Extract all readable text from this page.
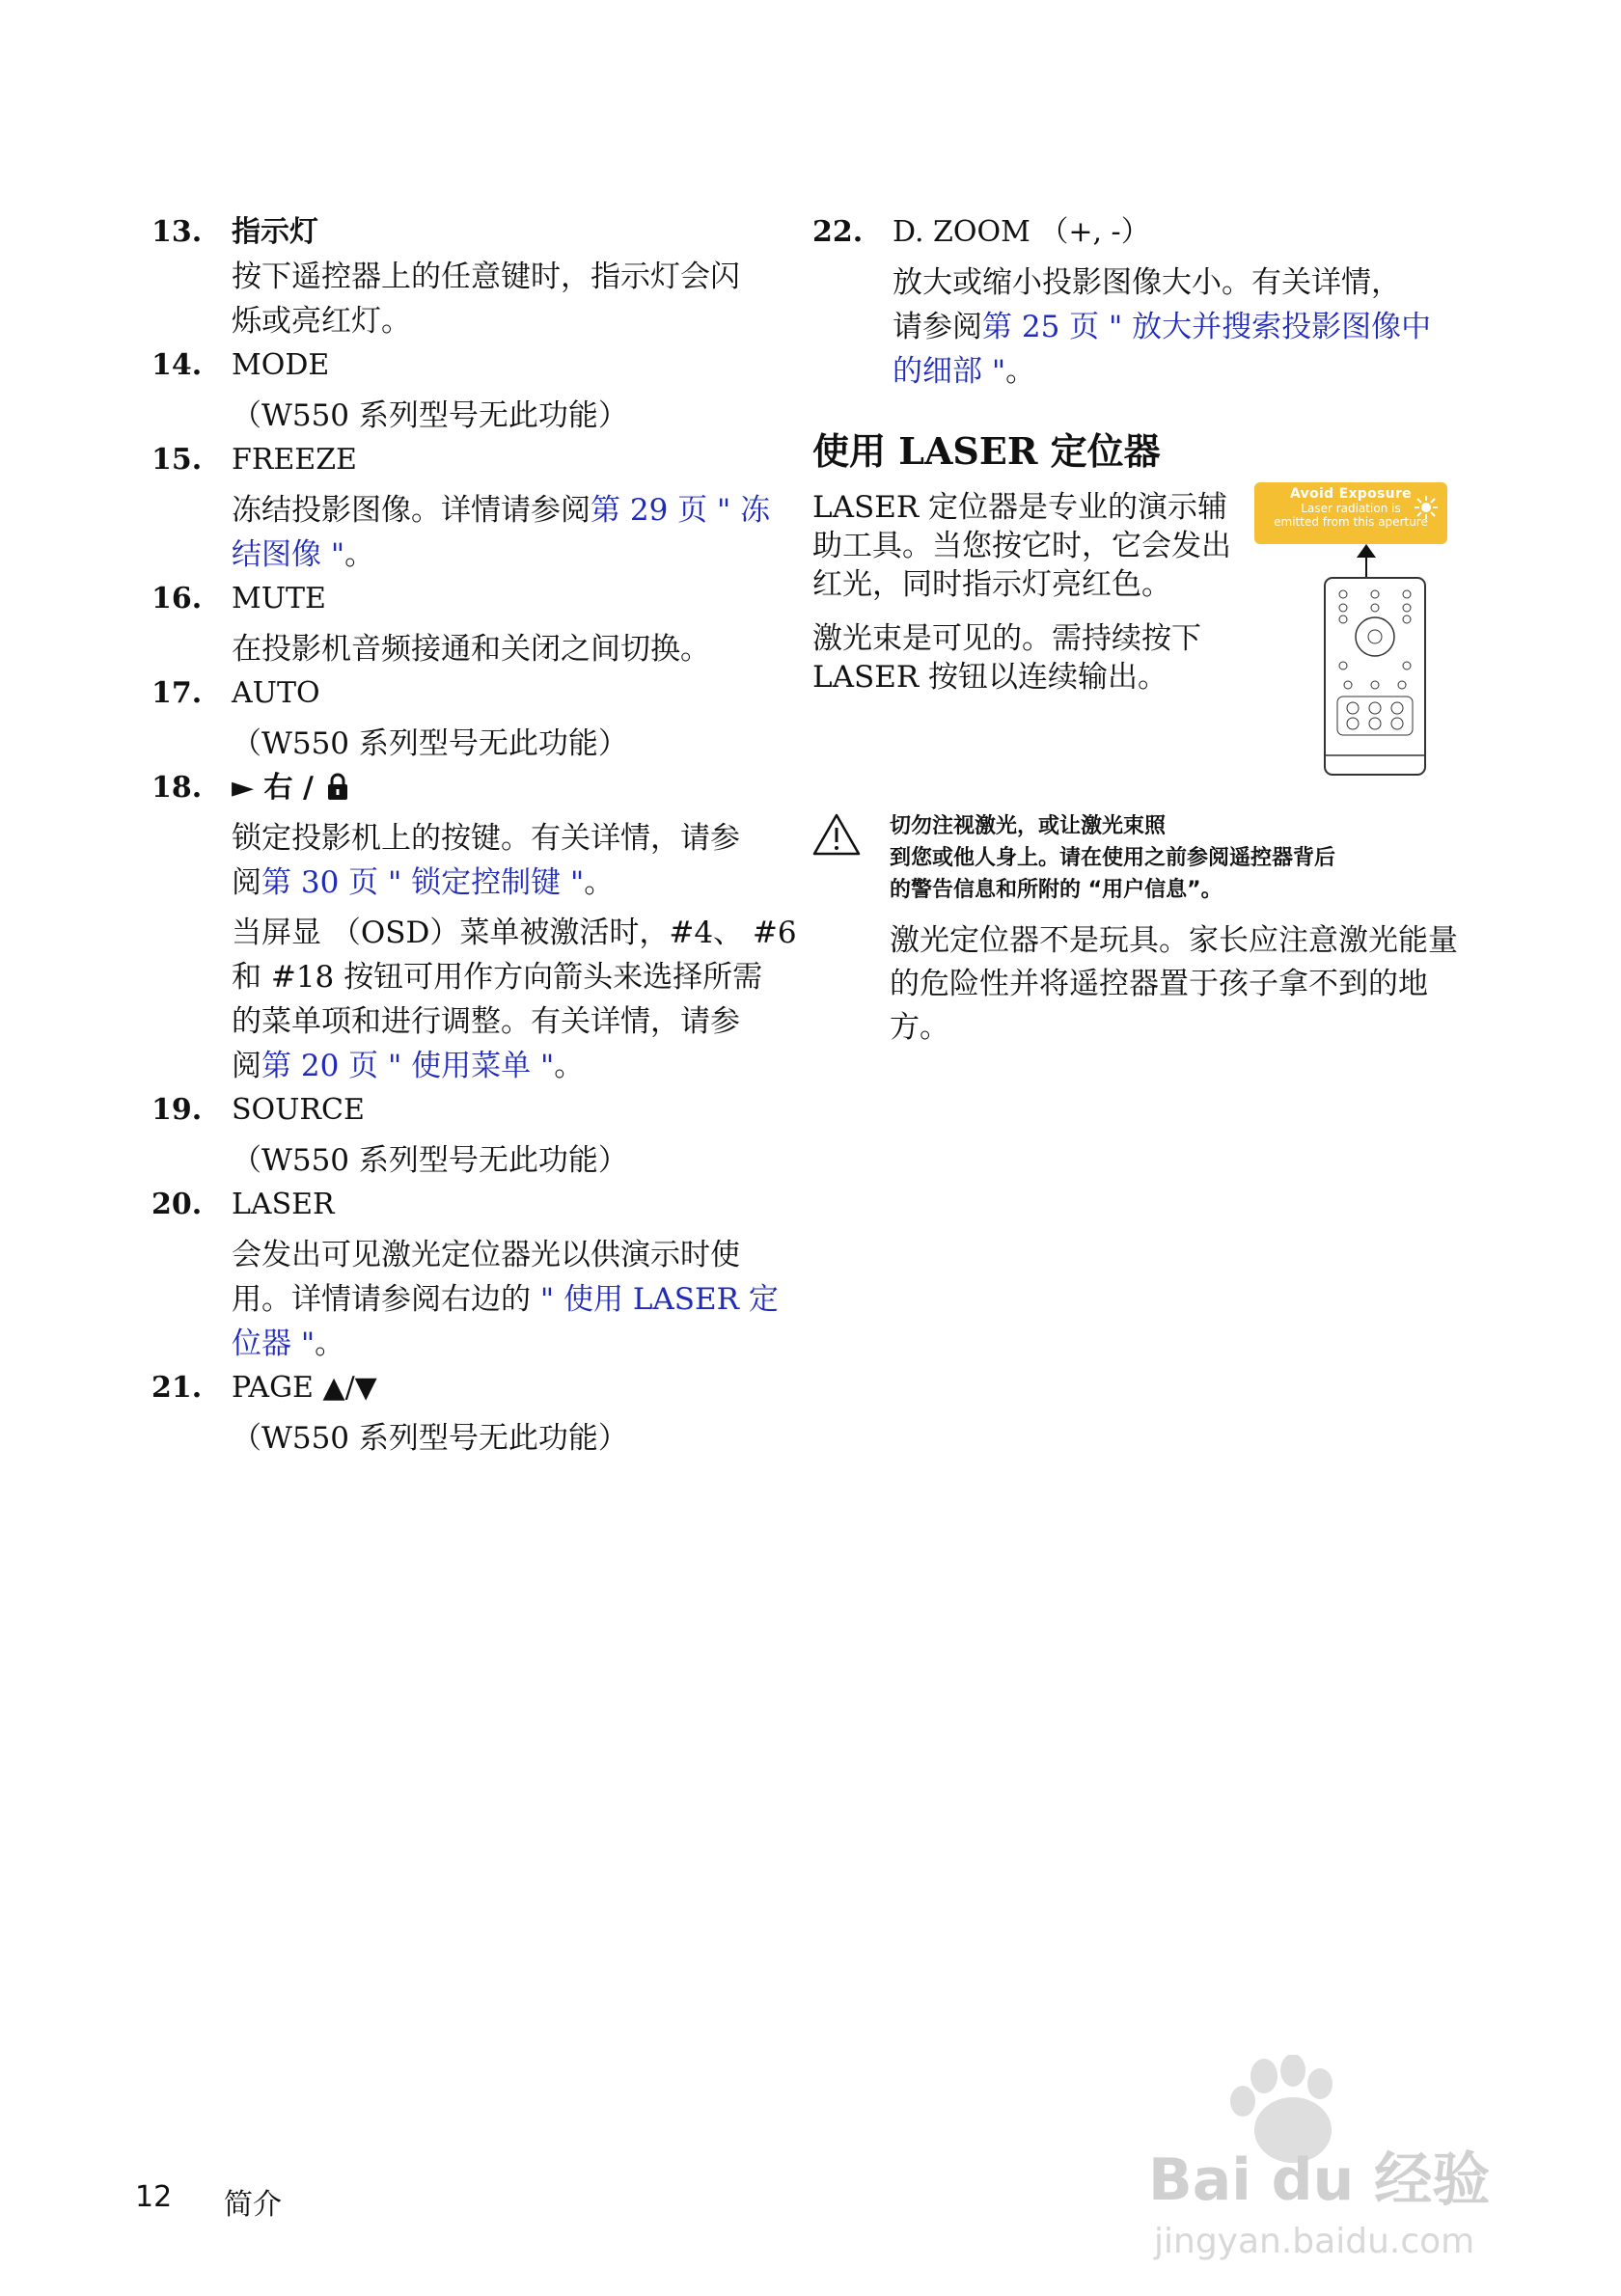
13. 指示灯
按下遥控器上的任意键时，指示灯会闪
烁或亮红灯。
14. MODE
（W550 系列型号无此功能）
15. FREEZE
冻结投影图像。详情请参阅第 29 页 " 冻
结图像 "。
16. MUTE
在投影机音频接通和关闭之间切换。
17. AUTO
（W550 系列型号无此功能）
18. ► 右 /
锁定投影机上的按键。有关详情，请参
阅第 30 页 " 锁定控制键 "。
当屏显 （OSD）菜单被激活时，#4、 #6
和 #18 按钮可用作方向箭头来选择所需
的菜单项和进行调整。有关详情，请参
阅第 20 页 " 使用菜单 "。
19. SOURCE
（W550 系列型号无此功能）
20. LASER
会发出可见激光定位器光以供演示时使
用。详情请参阅右边的 " 使用 LASER 定
位器 "。
21. PAGE ▲/▼
（W550 系列型号无此功能）
22. D. ZOOM （+, -）
放大或缩小投影图像大小。有关详情，
请参阅第 25 页 " 放大并搜索投影图像中
的细部 "。
使用 LASER 定位器
LASER 定位器是专业的演示辅助工具。当您按它时，它会发出红光，同时指示灯亮红色。
激光束是可见的。需持续按下 LASER 按钮以连续输出。
Avoid Exposure
Laser radiation is
emitted from this aperture
切勿注视激光，或让激光束照
到您或他人身上。请在使用之前参阅遥控器背后
的警告信息和所附的 “用户信息”。
激光定位器不是玩具。家长应注意激光能量的危险性并将遥控器置于孩子拿不到的地方。
12 简介	Bai du 经验
jingyan.baidu.com
